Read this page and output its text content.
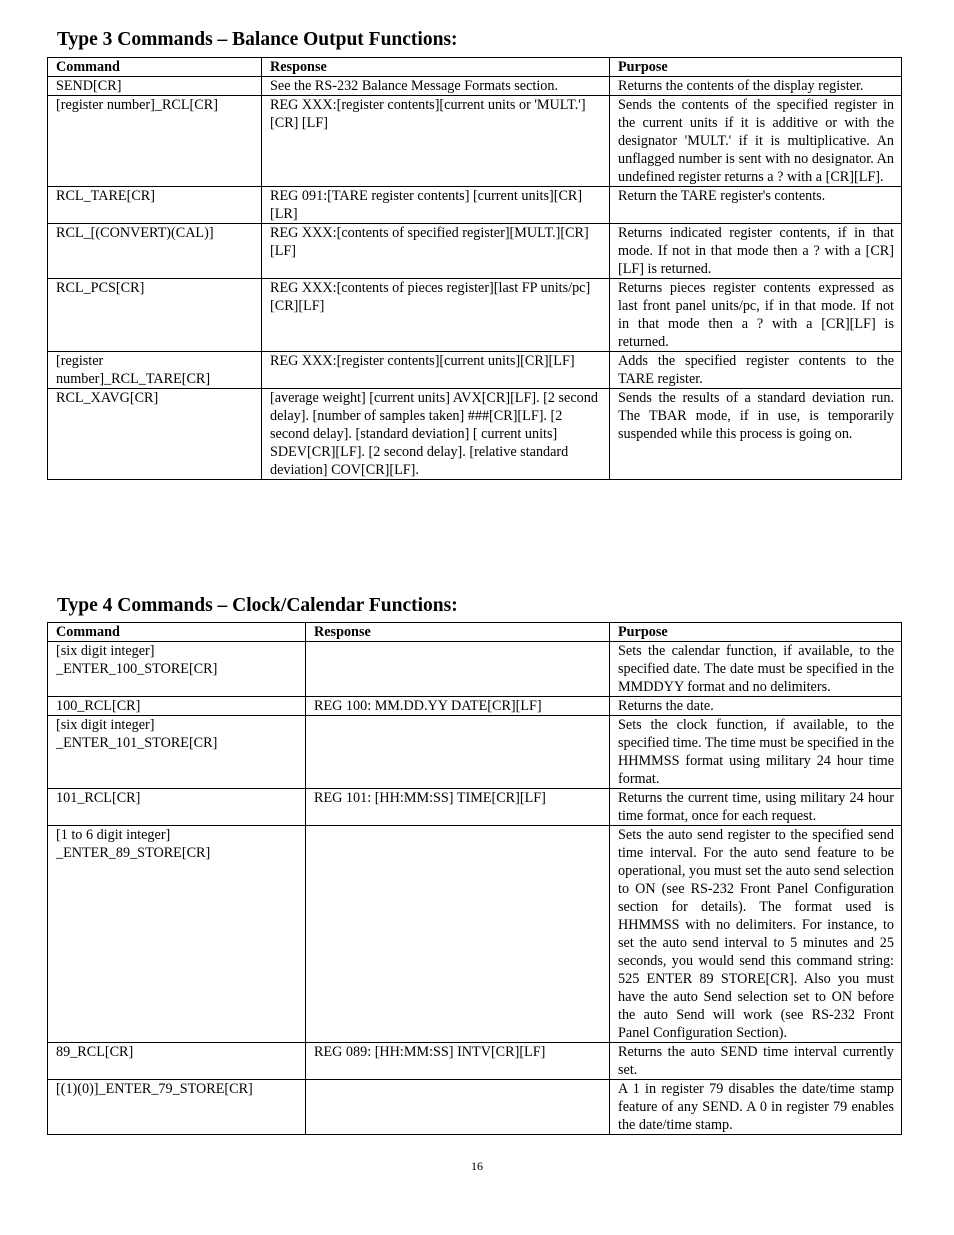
Type 3 Commands – Balance Output Functions:
Command	Response	Purpose
SEND[CR]	See the RS-232 Balance Message Formats section.	Returns the contents of the display register.
[register number]_RCL[CR]	REG XXX:[register contents][current units or 'MULT.'] [CR] [LF]	Sends the contents of the specified register in the current units if it is additive or with the designator 'MULT.' if it is multiplicative. An unflagged number is sent with no designator. An undefined register returns a ? with a [CR][LF].
RCL_TARE[CR]	REG 091:[TARE register contents] [current units][CR][LR]	Return the TARE register's contents.
RCL_[(CONVERT)(CAL)]	REG XXX:[contents of specified register][MULT.][CR][LF]	Returns indicated register contents, if in that mode. If not in that mode then a ? with a [CR][LF] is returned.
RCL_PCS[CR]	REG XXX:[contents of pieces register][last FP units/pc][CR][LF]	Returns pieces register contents expressed as last front panel units/pc, if in that mode. If not in that mode then a ? with a [CR][LF] is returned.
[register number]_RCL_TARE[CR]	REG XXX:[register contents][current units][CR][LF]	Adds the specified register contents to the TARE register.
RCL_XAVG[CR]	[average weight] [current units] AVX[CR][LF]. [2 second delay]. [number of samples taken] ###[CR][LF]. [2 second delay]. [standard deviation] [ current units] SDEV[CR][LF]. [2 second delay]. [relative standard deviation] COV[CR][LF].	Sends the results of a standard deviation run. The TBAR mode, if in use, is temporarily suspended while this process is going on.
Type 4 Commands – Clock/Calendar Functions:
Command	Response	Purpose
[six digit integer] _ENTER_100_STORE[CR]		Sets the calendar function, if available, to the specified date. The date must be specified in the MMDDYY format and no delimiters.
100_RCL[CR]	REG 100: MM.DD.YY DATE[CR][LF]	Returns the date.
[six digit integer] _ENTER_101_STORE[CR]		Sets the clock function, if available, to the specified time. The time must be specified in the HHMMSS format using military 24 hour time format.
101_RCL[CR]	REG 101: [HH:MM:SS] TIME[CR][LF]	Returns the current time, using military 24 hour time format, once for each request.
[1 to 6 digit integer] _ENTER_89_STORE[CR]		Sets the auto send register to the specified send time interval. For the auto send feature to be operational, you must set the auto send selection to ON (see RS-232 Front Panel Configuration section for details). The format used is HHMMSS with no delimiters. For instance, to set the auto send interval to 5 minutes and 25 seconds, you would send this command string: 525 ENTER 89 STORE[CR]. Also you must have the auto Send selection set to ON before the auto Send will work (see RS-232 Front Panel Configuration Section).
89_RCL[CR]	REG 089: [HH:MM:SS] INTV[CR][LF]	Returns the auto SEND time interval currently set.
[(1)(0)]_ENTER_79_STORE[CR]		A 1 in register 79 disables the date/time stamp feature of any SEND. A 0 in register 79 enables the date/time stamp.
16
